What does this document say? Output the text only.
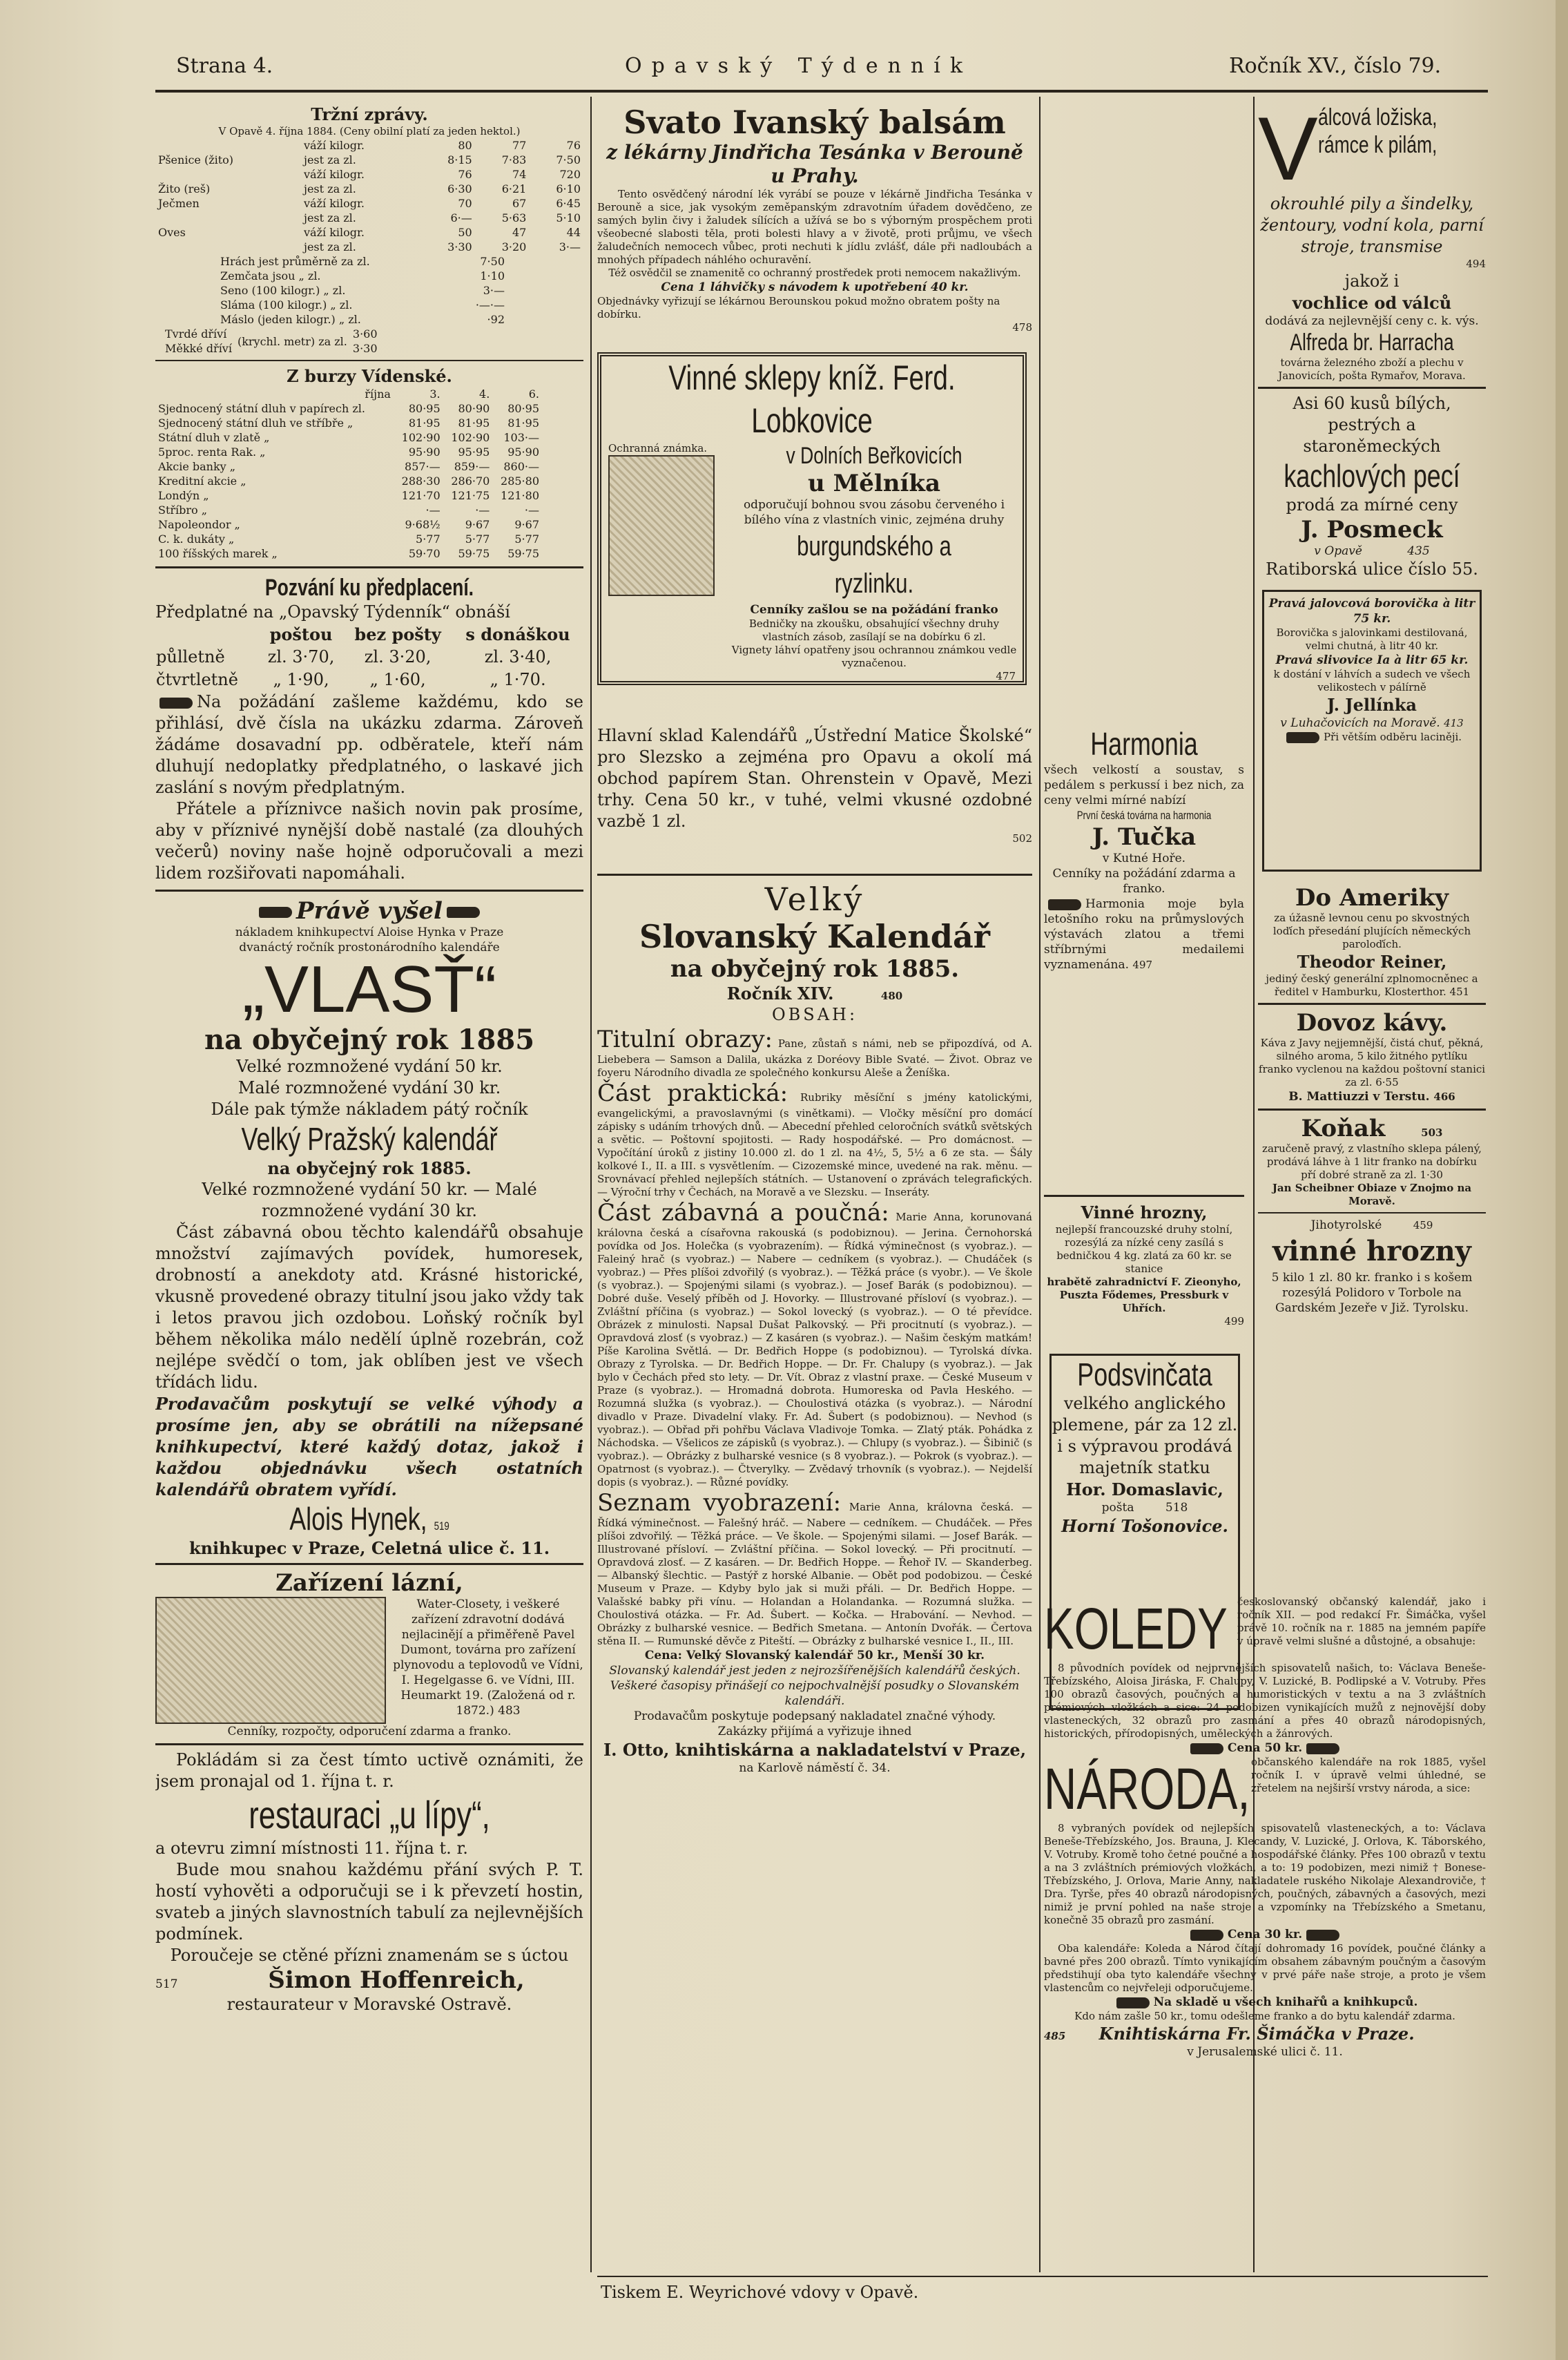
Strana 4.	Opavský Týdenník	Ročník XV., číslo 79.

Tržní zprávy.

V Opavě 4. října 1884. (Ceny obilní platí za jeden hektol.)

	váží kilogr.	80	77	76
Pšenice (žito)	jest za zl.	8·15	7·83	7·50
	váží kilogr.	76	74	720
Žito (reš)	jest za zl.	6·30	6·21	6·10
Ječmen	váží kilogr.	70	67	6·45
	jest za zl.	6·—	5·63	5·10
Oves	váží kilogr.	50	47	44
	jest za zl.	3·30	3·20	3·—
Hrách jest průměrně za zl.	7·50
Zemčata jsou „ zl.	1·10
Seno (100 kilogr.) „ zl.	3·—
Sláma (100 kilogr.) „ zl.	·—·—
Máslo (jeden kilogr.) „ zl.	·92
Tvrdé dříví	(krychl. metr) za zl.	3·60
Měkké dříví		3·30

Z burzy Vídenské.

října	3.	4.	6.
Sjednocený státní dluh v papírech zl.	80·95	80·90	80·95
Sjednocený státní dluh ve stříbře „	81·95	81·95	81·95
Státní dluh v zlatě „	102·90	102·90	103·—
5proc. renta Rak. „	95·90	95·95	95·90
Akcie banky „	857·—	859·—	860·—
Kreditní akcie „	288·30	286·70	285·80
Londýn „	121·70	121·75	121·80
Stříbro „	·—	·—	·—
Napoleondor „	9·68½	9·67	9·67
C. k. dukáty „	5·77	5·77	5·77
100 říšských marek „	59·70	59·75	59·75

Pozvání ku předplacení.

Předplatné na „Opavský Týdenník“ obnáší

	poštou	bez pošty	s donáškou
půlletně	zl. 3·70,	zl. 3·20,	zl. 3·40,
čtvrtletně	„ 1·90,	„ 1·60,	„ 1·70.

Na požádání zašleme každému, kdo se přihlásí, dvě čísla na ukázku zdarma. Zároveň žádáme dosavadní pp. odběratele, kteří nám dluhují nedoplatky předplatného, o laskavé jich zaslání s novým předplatným.

Přátele a příznivce našich novin pak prosíme, aby v příznivé nynější době nastalé (za dlouhých večerů) noviny naše hojně odporučovali a mezi lidem rozšiřovati napomáhali.

Právě vyšel

nákladem knihkupectví Aloise Hynka v Praze

dvanáctý ročník prostonárodního kalendáře

„VLASŤ“

na obyčejný rok 1885

Velké rozmnožené vydání 50 kr.

Malé rozmnožené vydání 30 kr.

Dále pak týmže nákladem pátý ročník

Velký Pražský kalendář

na obyčejný rok 1885.

Velké rozmnožené vydání 50 kr. — Malé rozmnožené vydání 30 kr.

Část zábavná obou těchto kalendářů obsahuje množství zajímavých povídek, humoresek, drobností a anekdoty atd. Krásné historické, vkusně provedené obrazy titulní jsou jako vždy tak i letos pravou jich ozdobou. Loňský ročník byl během několika málo nedělí úplně rozebrán, což nejlépe svědčí o tom, jak oblíben jest ve všech třídách lidu.

Prodavačům poskytují se velké výhody a prosíme jen, aby se obrátili na nížepsané knihkupectví, které každý dotaz, jakož i každou objednávku všech ostatních kalendářů obratem vyřídí.

Alois Hynek, 519

knihkupec v Praze, Celetná ulice č. 11.

Zařízení lázní,

Water-Closety, i veškeré zařízení zdravotní dodává nejlacinějí a přiměřeně Pavel Dumont, továrna pro zařízení plynovodu a teplovodů ve Vídni, I. Hegelgasse 6. ve Vídni, III. Heumarkt 19. (Založená od r. 1872.) 483

Cenníky, rozpočty, odporučení zdarma a franko.

Pokládám si za čest tímto uctivě oznámiti, že jsem pronajal od 1. října t. r.

restauraci „u lípy“,

a otevru zimní místnosti 11. října t. r.

Bude mou snahou každému přání svých P. T. hostí vyhověti a odporučuji se i k převzetí hostin, svateb a jiných slavnostních tabulí za nejlevnějších podmínek.

Poroučeje se ctěné přízni znamenám se s úctou

517	Šimon Hoffenreich,

restaurateur v Moravské Ostravě.

Svato Ivanský balsám

z lékárny Jindřicha Tesánka v Berouně u Prahy.

Tento osvědčený národní lék vyrábí se pouze v lékárně Jindřicha Tesánka v Berouně a sice, jak vysokým zeměpanským zdravotním úřadem dovědčeno, ze samých bylin čivy i žaludek sílících a užívá se bo s výborným prospěchem proti všeobecné slabosti těla, proti bolesti hlavy a v životě, proti průjmu, ve všech žaludečních nemocech vůbec, proti nechuti k jídlu zvlášť, dále při nadloubách a mnohých případech náhlého ochuravění.

Též osvědčil se znamenitě co ochranný prostředek proti nemocem nakažlivým.

Cena 1 láhvičky s návodem k upotřebení 40 kr.

Objednávky vyřizují se lékárnou Berounskou pokud možno obratem pošty na dobírku.

478

Vinné sklepy kníž. Ferd. Lobkovice

Ochranná známka.	v Dolních Beřkovicích

u Mělníka

odporučují bohnou svou zásobu červeného i bílého vína z vlastních vinic, zejména druhy

burgundského a ryzlinku.

Cenníky zašlou se na požádání franko

Bedničky na zkoušku, obsahující všechny druhy vlastních zásob, zasílají se na dobírku 6 zl.

Vignety láhví opatřeny jsou ochrannou známkou vedle vyznačenou.

477

Hlavní sklad Kalendářů „Ústřední Matice Školské“ pro Slezsko a zejména pro Opavu a okolí má obchod papírem Stan. Ohrenstein v Opavě, Mezi trhy. Cena 50 kr., v tuhé, velmi vkusné ozdobné vazbě 1 zl.

502

Velký

Slovanský Kalendář

na obyčejný rok 1885.

Ročník XIV.	480

OBSAH:

Titulní obrazy: Pane, zůstaň s námi, neb se připozdívá, od A. Liebebera — Samson a Dalila, ukázka z Doréovy Bible Svaté. — Život. Obraz ve foyeru Národního divadla ze společného konkursu Aleše a Ženíška.

Část praktická: Rubriky měsíční s jmény katolickými, evangelickými, a pravoslavnými (s vinětkami). — Vločky měsíční pro domácí zápisky s udáním trhových dnů. — Abecední přehled celoročních svátků světských a světic. — Poštovní spojitosti. — Rady hospodářské. — Pro domácnost. — Vypočítání úroků z jistiny 10.000 zl. do 1 zl. na 4½, 5, 5½ a 6 ze sta. — Šály kolkové I., II. a III. s vysvětlením. — Cizozemské mince, uvedené na rak. měnu. — Srovnávací přehled nejlepších státních. — Ustanovení o zprávách telegrafických. — Výroční trhy v Čechách, na Moravě a ve Slezsku. — Inseráty.

Část zábavná a poučná: Marie Anna, korunovaná královna česká a císařovna rakouská (s podobiznou). — Jerina. Černohorská povídka od Jos. Holečka (s vyobrazením). — Řídká výminečnost (s vyobraz.). — Faleiný hrač (s vyobraz.) — Nabere — cedníkem (s vyobraz.). — Chudáček (s vyobraz.) — Přes plíšoi zdvořilý (s vyobraz.). — Těžká práce (s vyobr.). — Ve škole (s vyobraz.). — Spojenými silami (s vyobraz.). — Josef Barák (s podobiznou). — Dobré duše. Veselý příběh od J. Hovorky. — Illustrované přísloví (s vyobraz.). — Zvláštní příčina (s vyobraz.) — Sokol lovecký (s vyobraz.). — O té převídce. Obrázek z minulosti. Napsal Dušat Palkovský. — Při procitnutí (s vyobraz.). — Opravdová zlosť (s vyobraz.) — Z kasáren (s vyobraz.). — Našim českým matkám! Píše Karolina Světlá. — Dr. Bedřich Hoppe (s podobiznou). — Tyrolská dívka. Obrazy z Tyrolska. — Dr. Bedřich Hoppe. — Dr. Fr. Chalupy (s vyobraz.). — Jak bylo v Čechách před sto lety. — Dr. Vít. Obraz z vlastní praxe. — České Museum v Praze (s vyobraz.). — Hromadná dobrota. Humoreska od Pavla Heského. — Rozumná služka (s vyobraz.). — Choulostivá otázka (s vyobraz.). — Národní divadlo v Praze. Divadelní vlaky. Fr. Ad. Šubert (s podobiznou). — Nevhod (s vyobraz.). — Obřad při pohřbu Václava Vladivoje Tomka. — Zlatý pták. Pohádka z Náchodska. — Všelicos ze zápisků (s vyobraz.). — Chlupy (s vyobraz.). — Šibinič (s vyobraz.). — Obrázky z bulharské vesnice (s 8 vyobraz.). — Pokrok (s vyobraz.). — Opatrnost (s vyobraz.). — Čtverylky. — Zvědavý trhovník (s vyobraz.). — Nejdelší dopis (s vyobraz.). — Různé povídky.

Seznam vyobrazení: Marie Anna, královna česká. — Řídká výminečnost. — Falešný hráč. — Nabere — cedníkem. — Chudáček. — Přes plíšoi zdvořilý. — Těžká práce. — Ve škole. — Spojenými silami. — Josef Barák. — Illustrované přísloví. — Zvláštní příčina. — Sokol lovecký. — Při procitnutí. — Opravdová zlosť. — Z kasáren. — Dr. Bedřich Hoppe. — Řehoř IV. — Skanderbeg. — Albanský šlechtic. — Pastýř z horské Albanie. — Obět pod podobizou. — České Museum v Praze. — Kdyby bylo jak si muži přáli. — Dr. Bedřich Hoppe. — Valašské babky při vínu. — Holandan a Holandanka. — Rozumná služka. — Choulostivá otázka. — Fr. Ad. Šubert. — Kočka. — Hrabování. — Nevhod. — Obrázky z bulharské vesnice. — Bedřich Smetana. — Antonín Dvořák. — Čertova stěna II. — Rumunské děvče z Piteští. — Obrázky z bulharské vesnice I., II., III.

Cena: Velký Slovanský kalendář 50 kr., Menší 30 kr.

Slovanský kalendář jest jeden z nejrozšířenějších kalendářů českých. Veškeré časopisy přinášejí co nejpochvalnější posudky o Slovanském kalendáři.

Prodavačům poskytuje podepsaný nakladatel značné výhody.

Zakázky přijímá a vyřizuje ihned

I. Otto, knihtiskárna a nakladatelství v Praze,

na Karlově náměstí č. 34.

Harmonia

všech velkostí a soustav, s pedálem s perkussí i bez nich, za ceny velmi mírné nabízí

První česká továrna na harmonia

J. Tučka

v Kutné Hoře.

Cenníky na požádání zdarma a franko.

Harmonia moje byla letošního roku na průmyslových výstavách zlatou a třemi stříbrnými medailemi vyznamenána. 497

Vinné hrozny,

nejlepší francouzské druhy stolní, rozesýlá za nízké ceny zasílá s bedničkou 4 kg. zlatá za 60 kr. se stanice

hrabětě zahradnictví F. Zieonyho, Puszta Fődemes, Pressburk v Uhřích.

499

Podsvinčata

velkého anglického plemene, pár za 12 zl. i s výpravou prodává majetník statku

Hor. Domaslavic,

pošta	518

Horní Tošonovice.

KOLEDY českoslovanský občanský kalendář, jako i ročník XII. — pod redakcí Fr. Šimáčka, vyšel právě 10. ročník na r. 1885 na jemném papíře v úpravě velmi slušné a důstojné, a obsahuje:

8 původních povídek od nejprvnějších spisovatelů našich, to: Václava Beneše-Třebízského, Aloisa Jiráska, F. Chalupy, V. Luzické, B. Podlipské a V. Votruby. Přes 100 obrazů časových, poučných a humoristických v textu a na 3 zvláštních prémiových vložkách a sice: 24 podobizen vynikajících mužů z nejnovější doby vlasteneckých, 32 obrazů pro zasmání a přes 40 obrazů národopisných, historických, přírodopisných, uměleckých a žánrových.

Cena 50 kr.

NÁRODA, občanského kalendáře na rok 1885, vyšel ročník I. v úpravě velmi úhledné, se zřetelem na nejširší vrstvy národa, a sice:

8 vybraných povídek od nejlepších spisovatelů vlasteneckých, a to: Václava Beneše-Třebízského, Jos. Brauna, J. Klecandy, V. Luzické, J. Orlova, K. Táborského, V. Votruby. Kromě toho četné poučné a hospodářské články. Přes 100 obrazů v textu a na 3 zvláštních prémiových vložkách, a to: 19 podobizen, mezi nimiž † Bonese-Třebízského, J. Orlova, Marie Anny, nakladatele ruského Nikolaje Alexandroviče, † Dra. Tyrše, přes 40 obrazů národopisných, poučných, zábavných a časových, mezi nimiž je první pohled na naše stroje a vzpomínky na Třebízského a Smetanu, konečně 35 obrazů pro zasmání.

Cena 30 kr.

Oba kalendáře: Koleda a Národ čítají dohromady 16 povídek, poučné články a bavné přes 200 obrazů. Tímto vynikajícím obsahem zábavným poučným a časovým předstihují oba tyto kalendáře všechny v prvé páře naše stroje, a proto je všem vlastencům co nejvřeleji odporučujeme.

Na skladě u všech knihařů a knihkupců.

Kdo nám zašle 50 kr., tomu odešleme franko a do bytu kalendář zdarma.

485 Knihtiskárna Fr. Šimáčka v Praze.

v Jerusalemské ulici č. 11.

V álcová ložiska,

rámce k pilám,

okrouhlé pily a šindelky, žentoury, vodní kola, parní stroje, transmise

494

jakož i

vochlice od válců

dodává za nejlevnější ceny c. k. výs.

Alfreda br. Harracha

továrna železného zboží a plechu v Janovicích, pošta Rymařov, Morava.

Asi 60 kusů bílých, pestrých a staroněmeckých

kachlových pecí

prodá za mírné ceny

J. Posmeck

v Opavě	435

Ratiborská ulice číslo 55.

Pravá jalovcová borovička à litr 75 kr.

Borovička s jalovinkami destilovaná, velmi chutná, à litr 40 kr.

Pravá slivovice Ia à litr 65 kr.

k dostání v láhvích a sudech ve všech velikostech v pálírně

J. Jellínka

v Luhačovicích na Moravě. 413

Při větším odběru laciněji.

Do Ameriky

za úžasně levnou cenu po skvostných loďích přesedání plujících německých paroloďích.

Theodor Reiner,

jediný český generální zplnomocněnec a ředitel v Hamburku, Klosterthor. 451

Dovoz kávy.

Káva z Javy nejjemnější, čistá chuť, pěkná, silného aroma, 5 kilo žitného pytlíku franko vyclenou na každou poštovní stanici za zl. 6·55

B. Mattiuzzi v Terstu. 466

Koňak	503

zaručeně pravý, z vlastního sklepa pálený, prodává láhve à 1 litr franko na dobírku pří dobré straně za zl. 1·30

Jan Scheibner Obiaze v Znojmo na Moravě.

Jihotyrolské	459

vinné hrozny

5 kilo 1 zl. 80 kr. franko i s košem rozesýlá Polidoro v Torbole na Gardském Jezeře v Již. Tyrolsku.

Tiskem E. Weyrichové vdovy v Opavě.
